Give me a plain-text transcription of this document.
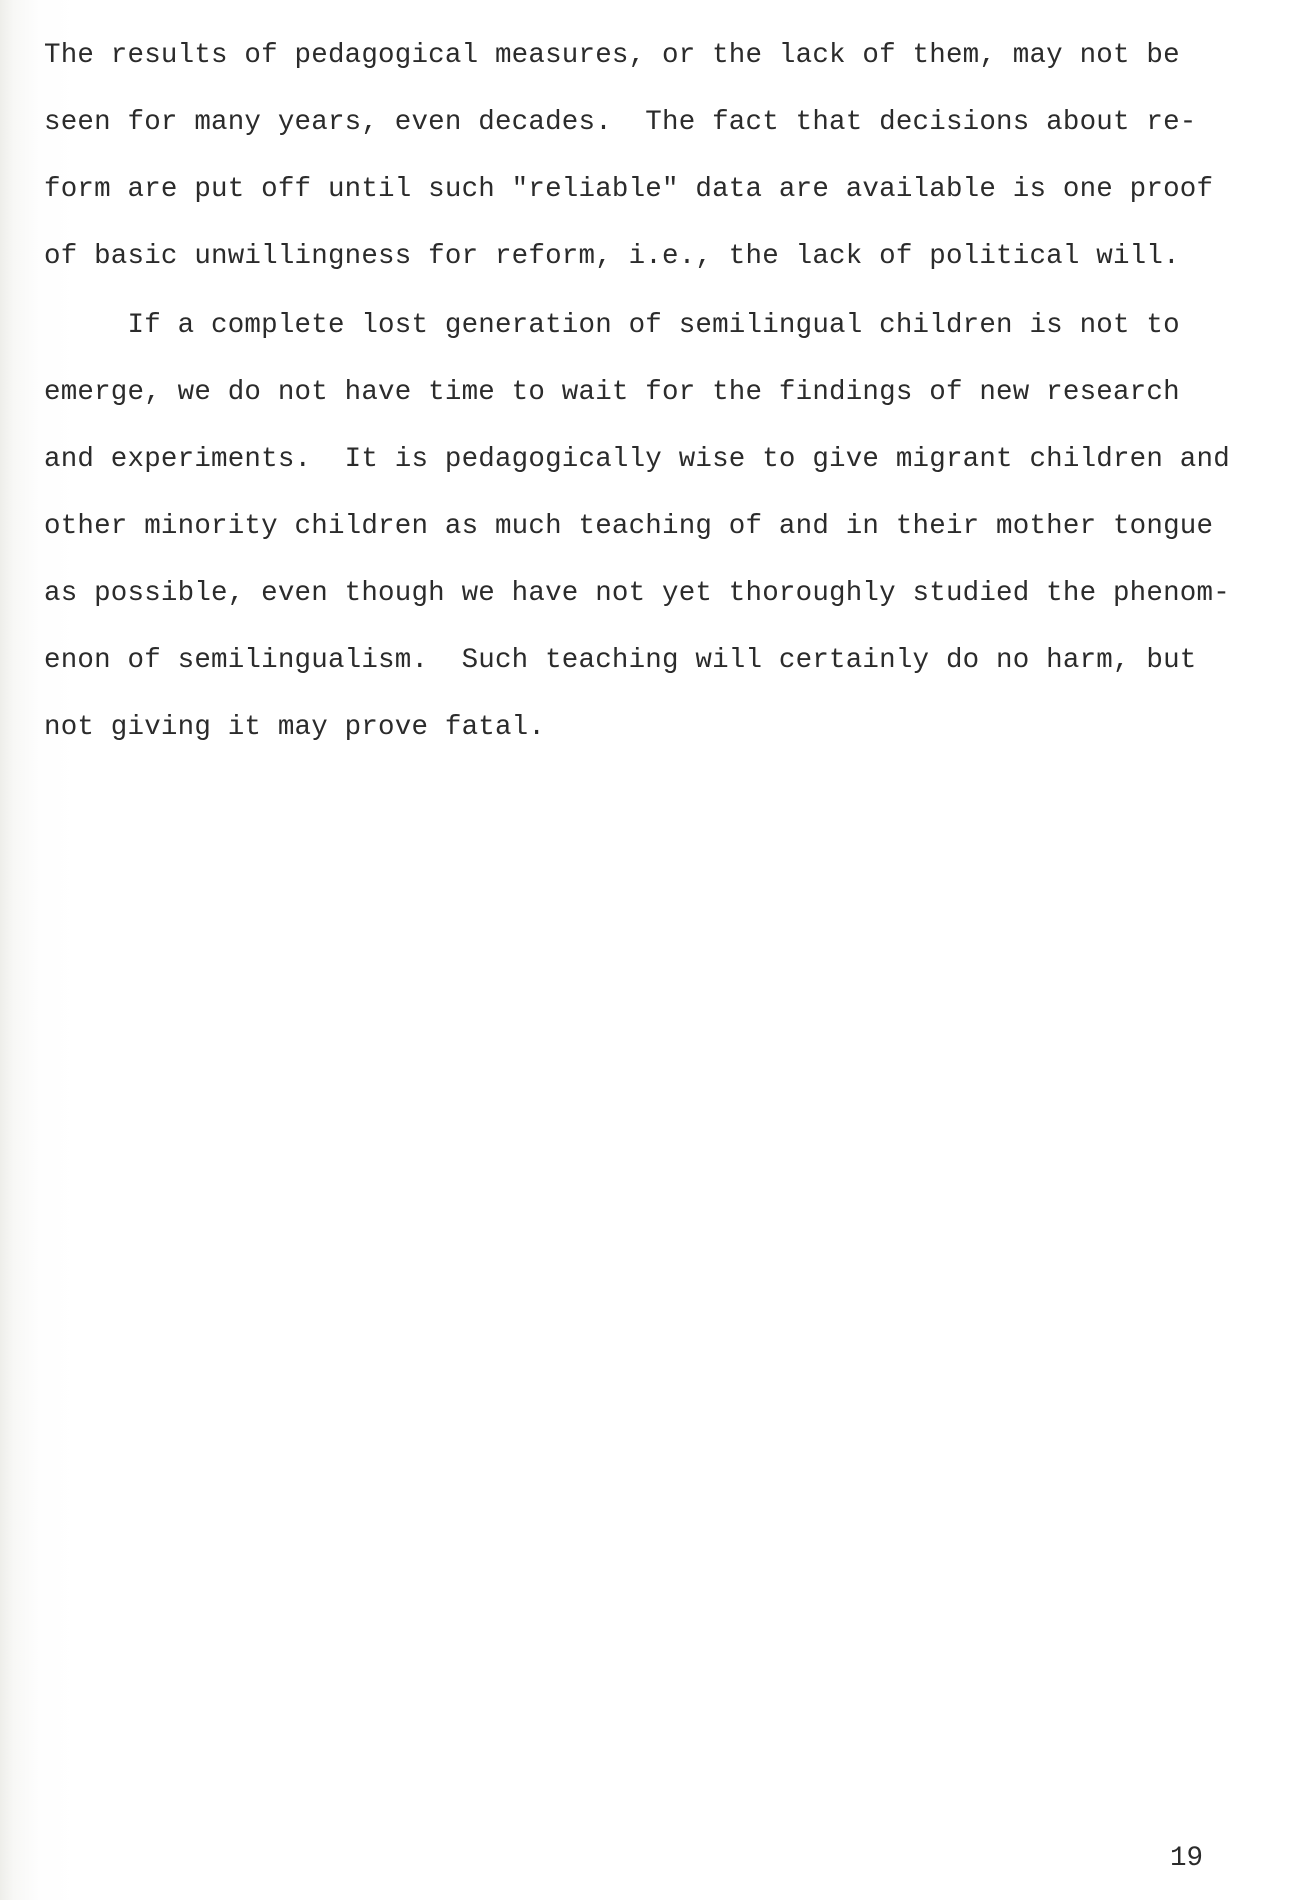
The results of pedagogical measures, or the lack of them, may not be
seen for many years, even decades.  The fact that decisions about re-
form are put off until such "reliable" data are available is one proof
of basic unwillingness for reform, i.e., the lack of political will.
If a complete lost generation of semilingual children is not to
emerge, we do not have time to wait for the findings of new research
and experiments.  It is pedagogically wise to give migrant children and
other minority children as much teaching of and in their mother tongue
as possible, even though we have not yet thoroughly studied the phenom-
enon of semilingualism.  Such teaching will certainly do no harm, but
not giving it may prove fatal.
19
